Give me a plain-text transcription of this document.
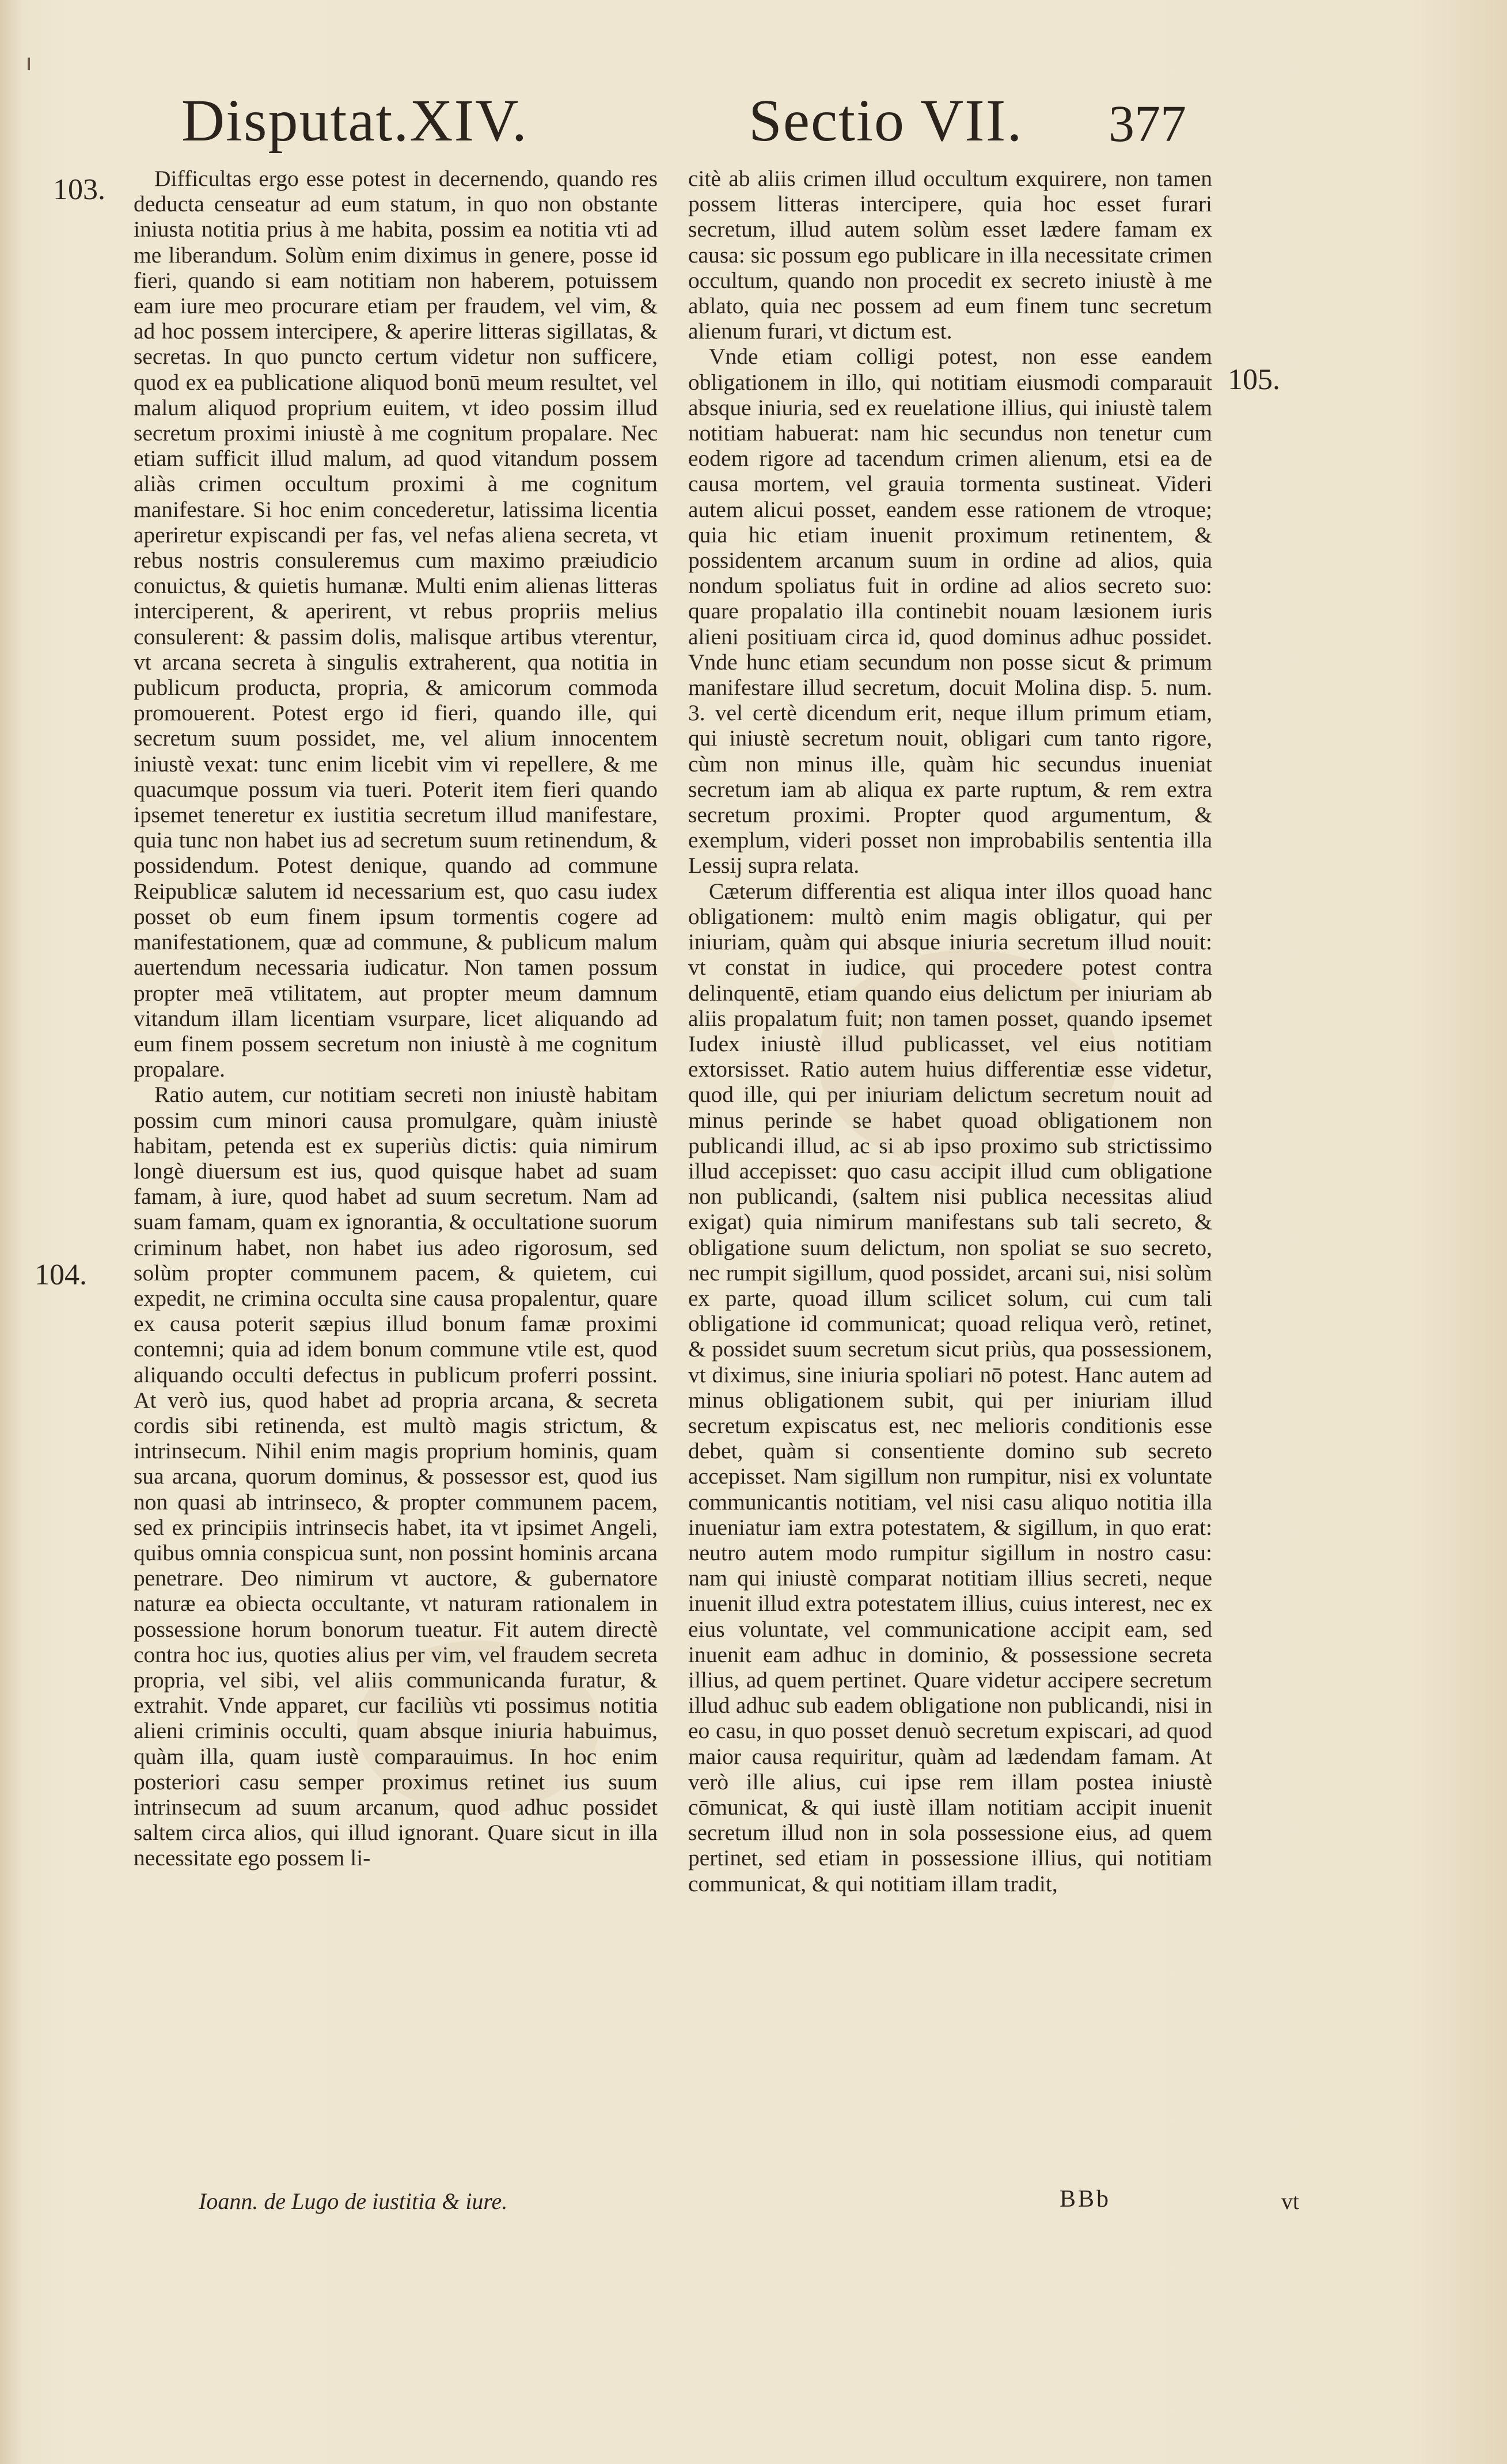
Disputat.XIV.	Sectio VII. 377
103.
104.
105.

Difficultas ergo esse potest in decernendo, quando res deducta censeatur ad eum statum, in quo non obstante iniusta notitia prius à me habita, possim ea notitia vti ad me liberandum. Solùm enim diximus in genere, posse id fieri, quando si eam notitiam non haberem, potuissem eam iure meo procurare etiam per fraudem, vel vim, & ad hoc possem intercipere, & aperire litteras sigillatas, & secretas. In quo puncto certum videtur non sufficere, quod ex ea publicatione aliquod bonū meum resultet, vel malum aliquod proprium euitem, vt ideo possim illud secretum proximi iniustè à me cognitum propalare. Nec etiam sufficit illud malum, ad quod vitandum possem aliàs crimen occultum proximi à me cognitum manifestare. Si hoc enim concederetur, latissima licentia aperiretur expiscandi per fas, vel nefas aliena secreta, vt rebus nostris consuleremus cum maximo præiudicio conuictus, & quietis humanæ. Multi enim alienas litteras interciperent, & aperirent, vt rebus propriis melius consulerent: & passim dolis, malisque artibus vterentur, vt arcana secreta à singulis extraherent, qua notitia in publicum producta, propria, & amicorum commoda promouerent. Potest ergo id fieri, quando ille, qui secretum suum possidet, me, vel alium innocentem iniustè vexat: tunc enim licebit vim vi repellere, & me quacumque possum via tueri. Poterit item fieri quando ipsemet teneretur ex iustitia secretum illud manifestare, quia tunc non habet ius ad secretum suum retinendum, & possidendum. Potest denique, quando ad commune Reipublicæ salutem id necessarium est, quo casu iudex posset ob eum finem ipsum tormentis cogere ad manifestationem, quæ ad commune, & publicum malum auertendum necessaria iudicatur. Non tamen possum propter meā vtilitatem, aut propter meum damnum vitandum illam licentiam vsurpare, licet aliquando ad eum finem possem secretum non iniustè à me cognitum propalare.

Ratio autem, cur notitiam secreti non iniustè habitam possim cum minori causa promulgare, quàm iniustè habitam, petenda est ex superiùs dictis: quia nimirum longè diuersum est ius, quod quisque habet ad suam famam, à iure, quod habet ad suum secretum. Nam ad suam famam, quam ex ignorantia, & occultatione suorum criminum habet, non habet ius adeo rigorosum, sed solùm propter communem pacem, & quietem, cui expedit, ne crimina occulta sine causa propalentur, quare ex causa poterit sæpius illud bonum famæ proximi contemni; quia ad idem bonum commune vtile est, quod aliquando occulti defectus in publicum proferri possint. At verò ius, quod habet ad propria arcana, & secreta cordis sibi retinenda, est multò magis strictum, & intrinsecum. Nihil enim magis proprium hominis, quam sua arcana, quorum dominus, & possessor est, quod ius non quasi ab intrinseco, & propter communem pacem, sed ex principiis intrinsecis habet, ita vt ipsimet Angeli, quibus omnia conspicua sunt, non possint hominis arcana penetrare. Deo nimirum vt auctore, & gubernatore naturæ ea obiecta occultante, vt naturam rationalem in possessione horum bonorum tueatur. Fit autem directè contra hoc ius, quoties alius per vim, vel fraudem secreta propria, vel sibi, vel aliis communicanda furatur, & extrahit. Vnde apparet, cur faciliùs vti possimus notitia alieni criminis occulti, quam absque iniuria habuimus, quàm illa, quam iustè comparauimus. In hoc enim posteriori casu semper proximus retinet ius suum intrinsecum ad suum arcanum, quod adhuc possidet saltem circa alios, qui illud ignorant. Quare sicut in illa necessitate ego possem li-

citè ab aliis crimen illud occultum exquirere, non tamen possem litteras intercipere, quia hoc esset furari secretum, illud autem solùm esset lædere famam ex causa: sic possum ego publicare in illa necessitate crimen occultum, quando non procedit ex secreto iniustè à me ablato, quia nec possem ad eum finem tunc secretum alienum furari, vt dictum est.

Vnde etiam colligi potest, non esse eandem obligationem in illo, qui notitiam eiusmodi comparauit absque iniuria, sed ex reuelatione illius, qui iniustè talem notitiam habuerat: nam hic secundus non tenetur cum eodem rigore ad tacendum crimen alienum, etsi ea de causa mortem, vel grauia tormenta sustineat. Videri autem alicui posset, eandem esse rationem de vtroque; quia hic etiam inuenit proximum retinentem, & possidentem arcanum suum in ordine ad alios, quia nondum spoliatus fuit in ordine ad alios secreto suo: quare propalatio illa continebit nouam læsionem iuris alieni positiuam circa id, quod dominus adhuc possidet. Vnde hunc etiam secundum non posse sicut & primum manifestare illud secretum, docuit Molina disp. 5. num. 3. vel certè dicendum erit, neque illum primum etiam, qui iniustè secretum nouit, obligari cum tanto rigore, cùm non minus ille, quàm hic secundus inueniat secretum iam ab aliqua ex parte ruptum, & rem extra secretum proximi. Propter quod argumentum, & exemplum, videri posset non improbabilis sententia illa Lessij supra relata.

Cæterum differentia est aliqua inter illos quoad hanc obligationem: multò enim magis obligatur, qui per iniuriam, quàm qui absque iniuria secretum illud nouit: vt constat in iudice, qui procedere potest contra delinquentē, etiam quando eius delictum per iniuriam ab aliis propalatum fuit; non tamen posset, quando ipsemet Iudex iniustè illud publicasset, vel eius notitiam extorsisset. Ratio autem huius differentiæ esse videtur, quod ille, qui per iniuriam delictum secretum nouit ad minus perinde se habet quoad obligationem non publicandi illud, ac si ab ipso proximo sub strictissimo illud accepisset: quo casu accipit illud cum obligatione non publicandi, (saltem nisi publica necessitas aliud exigat) quia nimirum manifestans sub tali secreto, & obligatione suum delictum, non spoliat se suo secreto, nec rumpit sigillum, quod possidet, arcani sui, nisi solùm ex parte, quoad illum scilicet solum, cui cum tali obligatione id communicat; quoad reliqua verò, retinet, & possidet suum secretum sicut priùs, qua possessionem, vt diximus, sine iniuria spoliari nō potest. Hanc autem ad minus obligationem subit, qui per iniuriam illud secretum expiscatus est, nec melioris conditionis esse debet, quàm si consentiente domino sub secreto accepisset. Nam sigillum non rumpitur, nisi ex voluntate communicantis notitiam, vel nisi casu aliquo notitia illa inueniatur iam extra potestatem, & sigillum, in quo erat: neutro autem modo rumpitur sigillum in nostro casu: nam qui iniustè comparat notitiam illius secreti, neque inuenit illud extra potestatem illius, cuius interest, nec ex eius voluntate, vel communicatione accipit eam, sed inuenit eam adhuc in dominio, & possessione secreta illius, ad quem pertinet. Quare videtur accipere secretum illud adhuc sub eadem obligatione non publicandi, nisi in eo casu, in quo posset denuò secretum expiscari, ad quod maior causa requiritur, quàm ad lædendam famam. At verò ille alius, cui ipse rem illam postea iniustè cōmunicat, & qui iustè illam notitiam accipit inuenit secretum illud non in sola possessione eius, ad quem pertinet, sed etiam in possessione illius, qui notitiam communicat, & qui notitiam illam tradit,

Ioann. de Lugo de iustitia & iure.	BBb	vt
